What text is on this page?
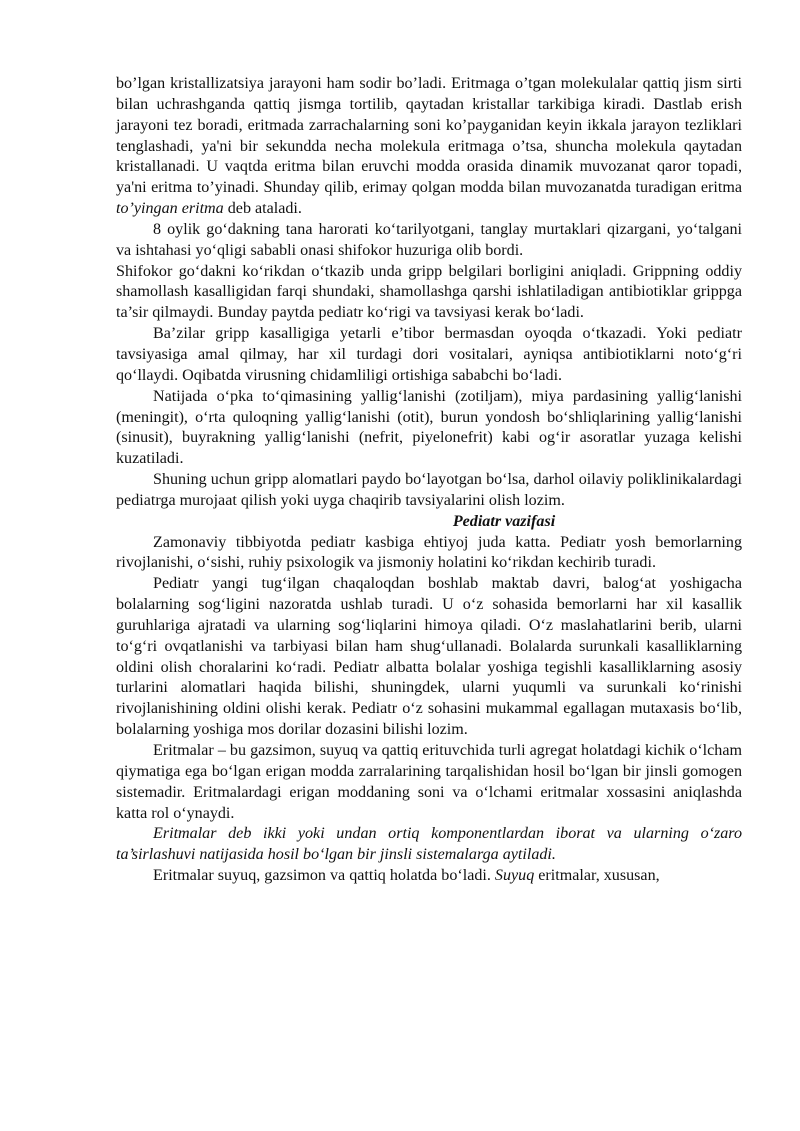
bo’lgan kristallizatsiya jarayoni ham sodir bo’ladi. Eritmaga o’tgan molekulalar qattiq jism sirti bilan uchrashganda qattiq jismga tortilib, qaytadan kristallar tarkibiga kiradi. Dastlab erish jarayoni tez boradi, eritmada zarrachalarning soni ko’payganidan keyin ikkala jarayon tezliklari tenglashadi, ya'ni bir sekundda necha molekula eritmaga o’tsa, shuncha molekula qaytadan kristallanadi. U vaqtda eritma bilan eruvchi modda orasida dinamik muvozanat qaror topadi, ya'ni eritma to’yinadi. Shunday qilib, erimay qolgan modda bilan muvozanatda turadigan eritma to’yingan eritma deb ataladi.

8 oylik go‘dakning tana harorati ko‘tarilyotgani, tanglay murtaklari qizargani, yo‘talgani va ishtahasi yo‘qligi sababli onasi shifokor huzuriga olib bordi.

Shifokor go‘dakni ko‘rikdan o‘tkazib unda gripp belgilari borligini aniqladi. Grippning oddiy shamollash kasalligidan farqi shundaki, shamollashga qarshi ishlatiladigan antibiotiklar grippga ta’sir qilmaydi. Bunday paytda pediatr ko‘rigi va tavsiyasi kerak bo‘ladi.

Ba’zilar gripp kasalligiga yetarli e’tibor bermasdan oyoqda o‘tkazadi. Yoki pediatr tavsiyasiga amal qilmay, har xil turdagi dori vositalari, ayniqsa antibiotiklarni noto‘g‘ri qo‘llaydi. Oqibatda virusning chidamliligi ortishiga sababchi bo‘ladi.

Natijada o‘pka to‘qimasining yallig‘lanishi (zotiljam), miya pardasining yallig‘lanishi (meningit), o‘rta quloqning yallig‘lanishi (otit), burun yondosh bo‘shliqlarining yallig‘lanishi (sinusit), buyrakning yallig‘lanishi (nefrit, piyelonefrit) kabi og‘ir asoratlar yuzaga kelishi kuzatiladi.

Shuning uchun gripp alomatlari paydo bo‘layotgan bo‘lsa, darhol oilaviy poliklinikalardagi pediatrga murojaat qilish yoki uyga chaqirib tavsiyalarini olish lozim.

Pediatr vazifasi

Zamonaviy tibbiyotda pediatr kasbiga ehtiyoj juda katta. Pediatr yosh bemorlarning rivojlanishi, o‘sishi, ruhiy psixologik va jismoniy holatini ko‘rikdan kechirib turadi.

Pediatr yangi tug‘ilgan chaqaloqdan boshlab maktab davri, balog‘at yoshigacha bolalarning sog‘ligini nazoratda ushlab turadi. U o‘z sohasida bemorlarni har xil kasallik guruhlariga ajratadi va ularning sog‘liqlarini himoya qiladi. O‘z maslahatlarini berib, ularni to‘g‘ri ovqatlanishi va tarbiyasi bilan ham shug‘ullanadi. Bolalarda surunkali kasalliklarning oldini olish choralarini ko‘radi. Pediatr albatta bolalar yoshiga tegishli kasalliklarning asosiy turlarini alomatlari haqida bilishi, shuningdek, ularni yuqumli va surunkali ko‘rinishi rivojlanishining oldini olishi kerak. Pediatr o‘z sohasini mukammal egallagan mutaxasis bo‘lib, bolalarning yoshiga mos dorilar dozasini bilishi lozim.

Eritmalar – bu gazsimon, suyuq va qattiq erituvchida turli agregat holatdagi kichik o‘lcham qiymatiga ega bo‘lgan erigan modda zarralarining tarqalishidan hosil bo‘lgan bir jinsli gomogen sistemadir. Eritmalardagi erigan moddaning soni va o‘lchami eritmalar xossasini aniqlashda katta rol o‘ynaydi.

Eritmalar deb ikki yoki undan ortiq komponentlardan iborat va ularning o‘zaro ta’sirlashuvi natijasida hosil bo‘lgan bir jinsli sistemalarga aytiladi.

Eritmalar suyuq, gazsimon va qattiq holatda bo‘ladi. Suyuq eritmalar, xususan,
